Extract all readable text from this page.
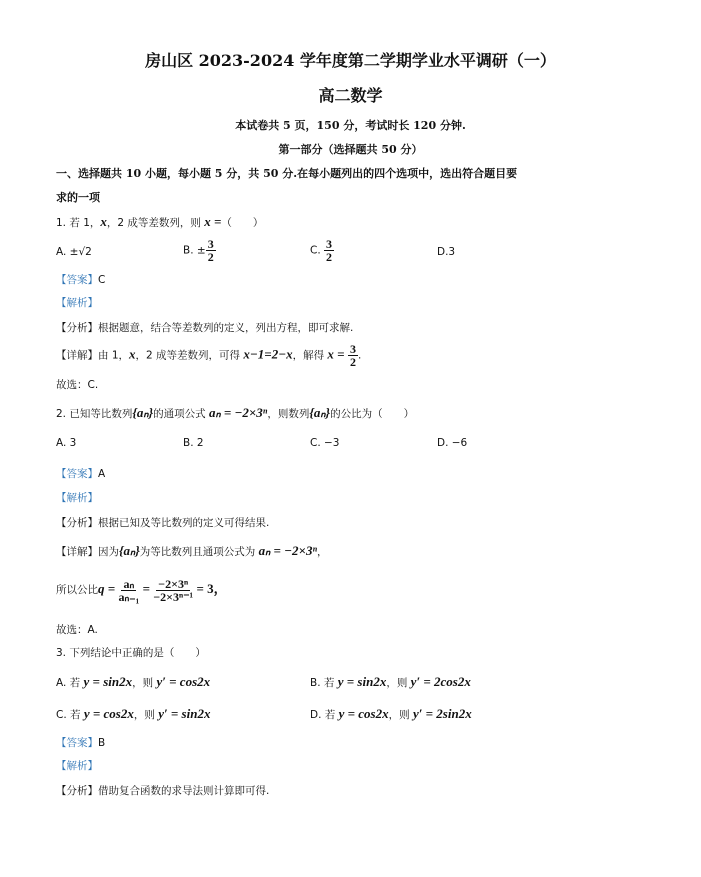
房山区 2023-2024 学年度第二学期学业水平调研（一）
高二数学
本试卷共 5 页，150 分，考试时长 120 分钟.
第一部分（选择题共 50 分）
一、选择题共 10 小题，每小题 5 分，共 50 分.在每小题列出的四个选项中，选出符合题目要
求的一项
1. 若 1，x，2 成等差数列，则 x =（　　）
A. ±√2	B. ± $\frac{3}{2}$	C. $\frac{3}{2}$	D.3
【答案】C
【解析】
【分析】根据题意，结合等差数列的定义，列出方程，即可求解.
【详解】由 1，x，2 成等差数列，可得 x−1=2−x，解得 $x = \frac{3}{2}$ .
故选：C.
2. 已知等比数列{aₙ}的通项公式 aₙ = −2×3ⁿ，则数列{aₙ}的公比为（　　）
A. 3	B. 2	C. −3	D. −6
【答案】A
【解析】
【分析】根据已知及等比数列的定义可得结果.
【详解】因为{aₙ}为等比数列且通项公式为 aₙ = −2×3ⁿ，
所以公比$q = \frac{\text{aₙ}}{\text{aₙ₋₁}} = \frac{\text{−2×3ⁿ}}{\text{−2×3ⁿ⁻¹}} = 3$，
故选：A.
3. 下列结论中正确的是（　　）
A. 若 y = sin2x，则 y′ = cos2x	B. 若 y = sin2x，则 y′ = 2cos2x
C. 若 y = cos2x，则 y′ = sin2x	D. 若 y = cos2x，则 y′ = 2sin2x
【答案】B
【解析】
【分析】借助复合函数的求导法则计算即可得.
